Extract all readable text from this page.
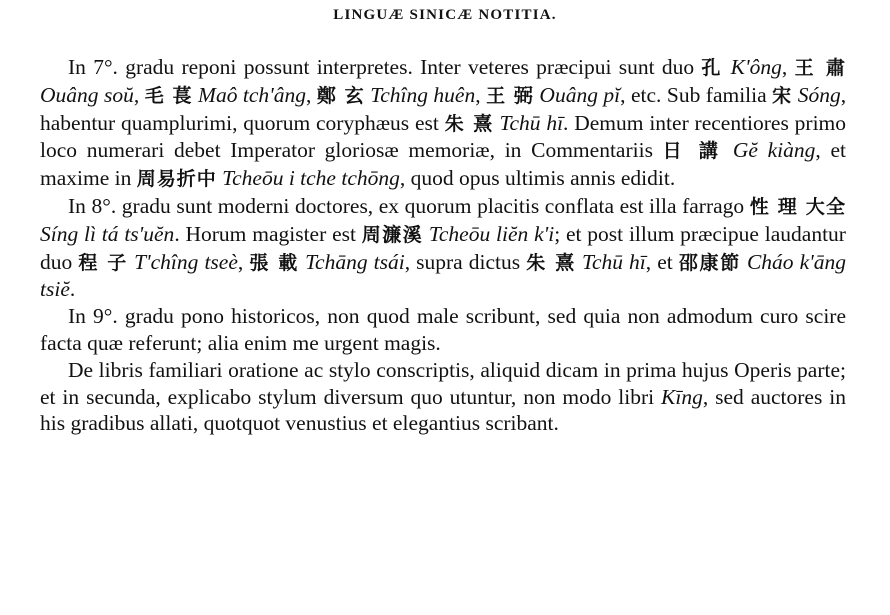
LINGUÆ SINICÆ NOTITIA.

In 7°. gradu reponi possunt interpretes. Inter veteres præcipui sunt duo 孔 K'ông, 王 肅 Ouâng soŭ, 毛 萇 Maô tch'âng, 鄭 玄 Tchîng huên, 王 弼 Ouâng pĭ, etc. Sub familia 宋 Sóng, habentur quamplurimi, quorum coryphæus est 朱 熹 Tchū hī. Demum inter recentiores primo loco numerari debet Imperator gloriosæ memoriæ, in Commentariis 日 講 Gĕ kiàng, et maxime in 周易折中 Tcheōu i tche tchōng, quod opus ultimis annis edidit.

In 8°. gradu sunt moderni doctores, ex quorum placitis conflata est illa farrago 性 理 大全 Síng lì tá ts'uĕn. Horum magister est 周濂溪 Tcheōu liĕn k'i; et post illum præcipue laudantur duo 程 子 T'chîng tseè, 張 載 Tchāng tsái, supra dictus 朱 熹 Tchū hī, et 邵康節 Cháo k'āng tsiĕ.

In 9°. gradu pono historicos, non quod male scribunt, sed quia non admodum curo scire facta quæ referunt; alia enim me urgent magis.

De libris familiari oratione ac stylo conscriptis, aliquid dicam in prima hujus Operis parte; et in secunda, explicabo stylum diversum quo utuntur, non modo libri Kīng, sed auctores in his gradibus allati, quotquot venustius et elegantius scribant.
